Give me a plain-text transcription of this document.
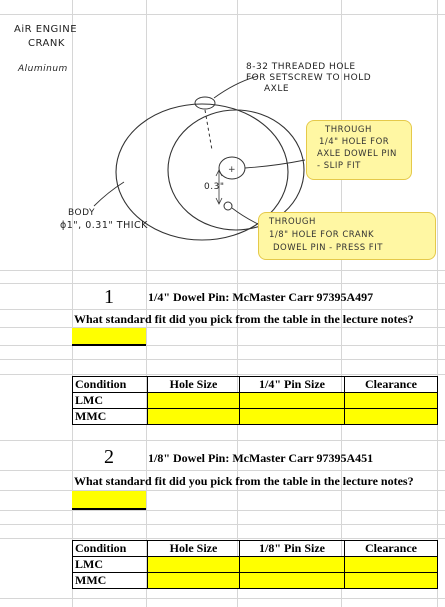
AiR ENGINE
CRANK
Aluminum
+
8-32 THREADED HOLE
FOR SETSCREW TO HOLD
AXLE
THROUGH
1/4" HOLE FOR
AXLE DOWEL PIN
- SLIP FIT
0.3"
BODY
ϕ1", 0.31" THICK	THROUGH
1/8" HOLE FOR CRANK
DOWEL PIN - PRESS FIT
1	1/4" Dowel Pin: McMaster Carr 97395A497
What standard fit did you pick from the table in the lecture notes?
Condition	Hole Size	1/4" Pin Size	Clearance
LMC			
MMC			
2	1/8" Dowel Pin: McMaster Carr 97395A451
What standard fit did you pick from the table in the lecture notes?
Condition	Hole Size	1/8" Pin Size	Clearance
LMC			
MMC			
